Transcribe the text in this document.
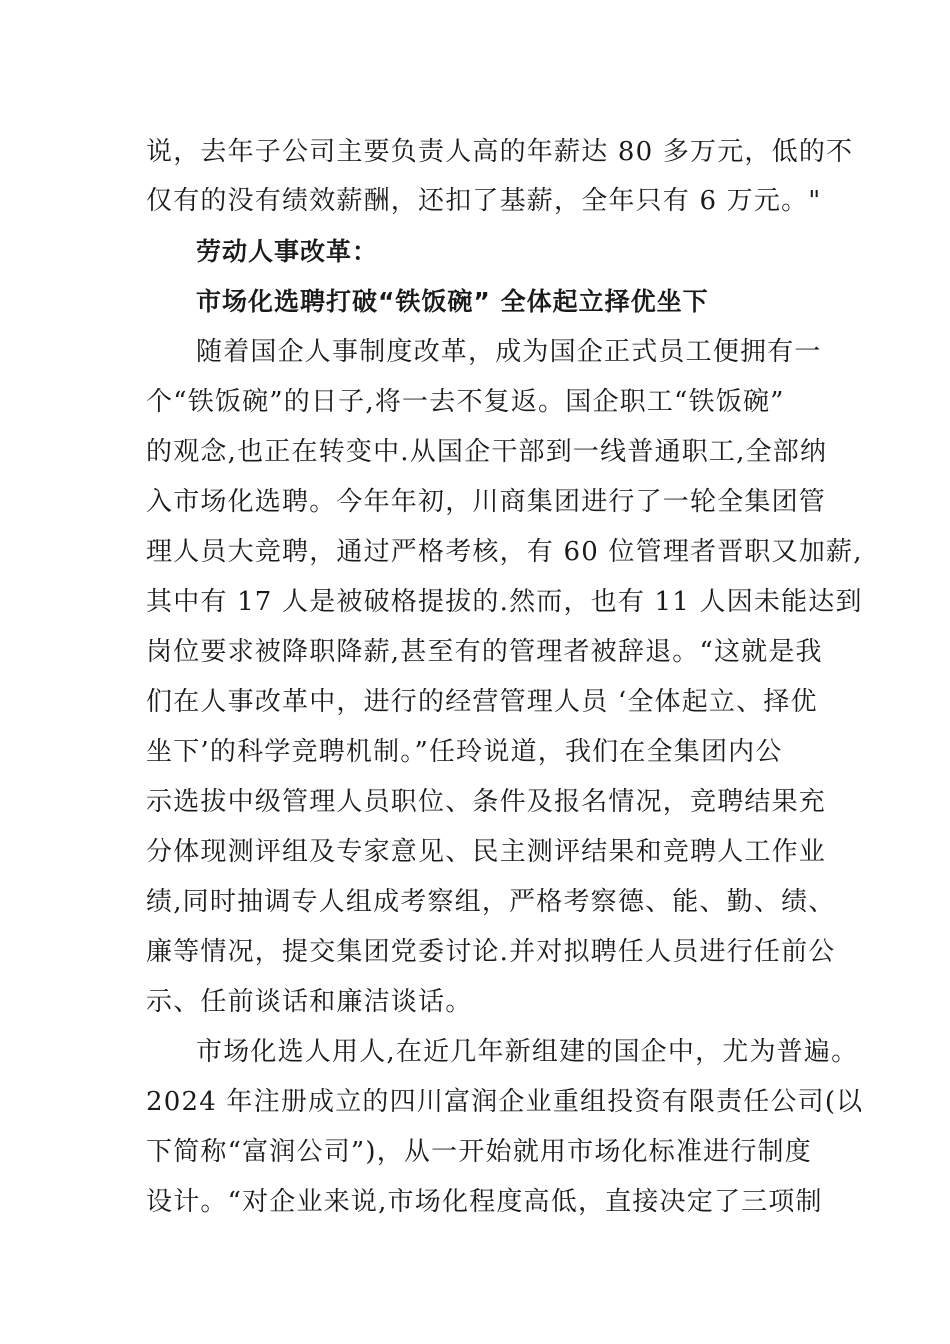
说，去年子公司主要负责人高的年薪达 80 多万元，低的不
仅有的没有绩效薪酬，还扣了基薪，全年只有 6 万元。"
劳动人事改革：
市场化选聘打破“铁饭碗” 全体起立择优坐下
随着国企人事制度改革，成为国企正式员工便拥有一
个“铁饭碗”的日子,将一去不复返。国企职工“铁饭碗”
的观念,也正在转变中.从国企干部到一线普通职工,全部纳
入市场化选聘。今年年初，川商集团进行了一轮全集团管
理人员大竞聘，通过严格考核，有 60 位管理者晋职又加薪,
其中有 17 人是被破格提拔的.然而，也有 11 人因未能达到
岗位要求被降职降薪,甚至有的管理者被辞退。“这就是我
们在人事改革中，进行的经营管理人员 ‘全体起立、择优
坐下’的科学竞聘机制。”任玲说道，我们在全集团内公
示选拔中级管理人员职位、条件及报名情况，竞聘结果充
分体现测评组及专家意见、民主测评结果和竞聘人工作业
绩,同时抽调专人组成考察组，严格考察德、能、勤、绩、
廉等情况，提交集团党委讨论.并对拟聘任人员进行任前公
示、任前谈话和廉洁谈话。
市场化选人用人,在近几年新组建的国企中，尤为普遍。
2024 年注册成立的四川富润企业重组投资有限责任公司(以
下简称“富润公司”)，从一开始就用市场化标准进行制度
设计。“对企业来说,市场化程度高低，直接决定了三项制
